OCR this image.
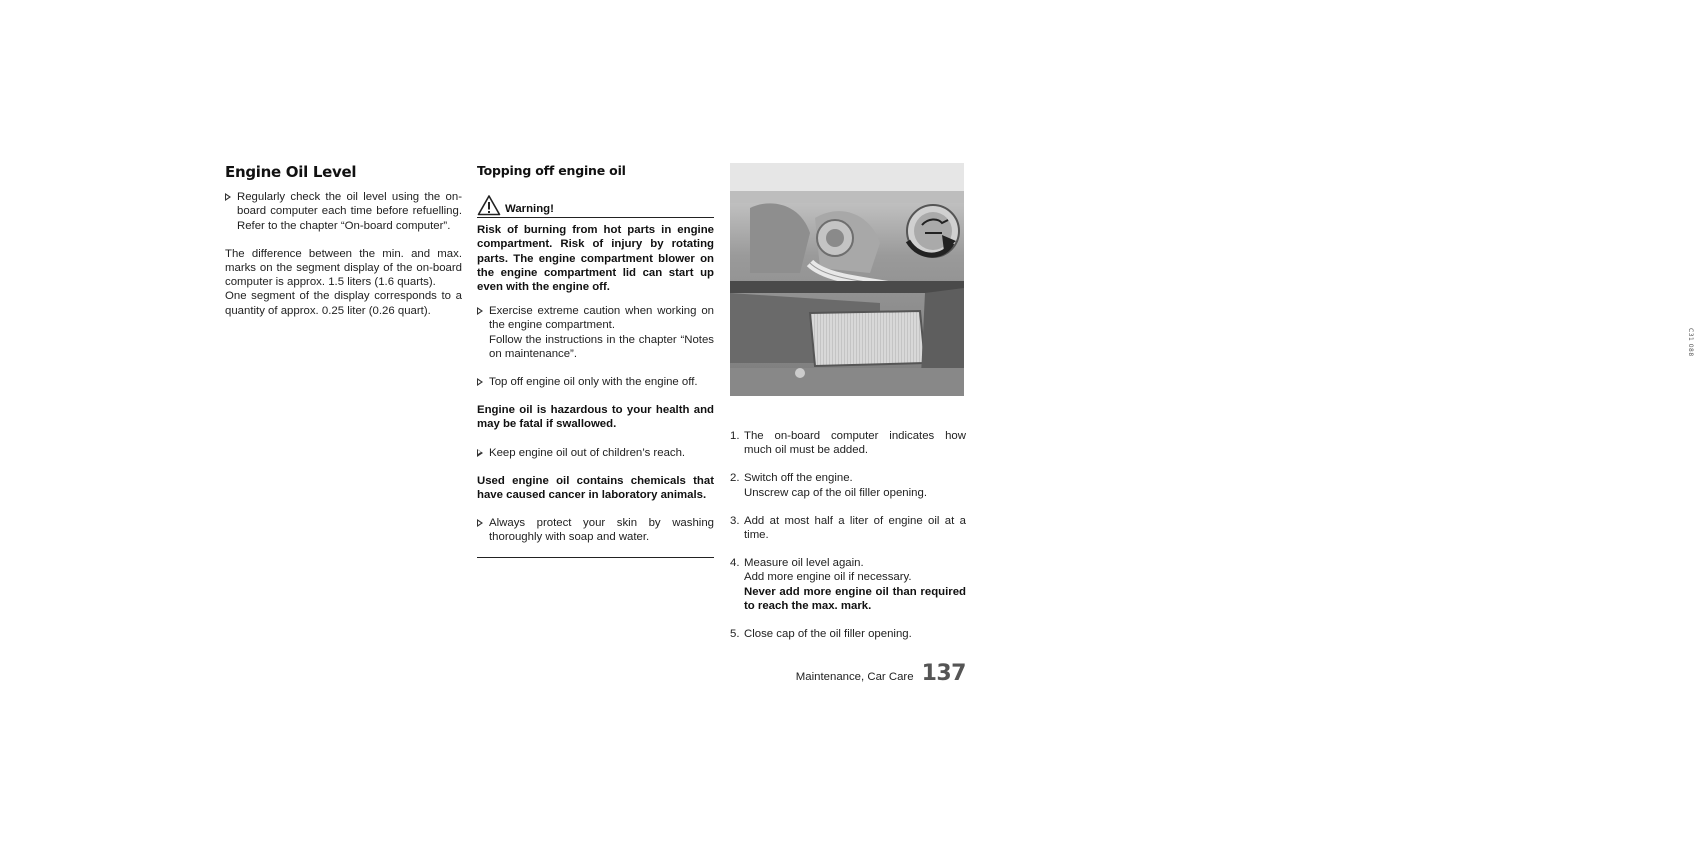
Engine Oil Level

Regularly check the oil level using the on-board computer each time before refuelling. Refer to the chapter “On-board computer”.

The difference between the min. and max. marks on the segment display of the on-board computer is approx. 1.5 liters (1.6 quarts).

One segment of the display corresponds to a quantity of approx. 0.25 liter (0.26 quart).

Topping off engine oil
Warning!
Risk of burning from hot parts in engine compartment. Risk of injury by rotating parts. The engine compartment blower on the engine compartment lid can start up even with the engine off.

Exercise extreme caution when working on the engine compartment.

Follow the instructions in the chapter “Notes on maintenance”.

Top off engine oil only with the engine off.

Engine oil is hazardous to your health and may be fatal if swallowed.

Keep engine oil out of children’s reach.

Used engine oil contains chemicals that have caused cancer in laboratory animals.

Always protect your skin by washing thoroughly with soap and water.

C31 088
1. The on-board computer indicates how much oil must be added.

2. Switch off the engine.

Unscrew cap of the oil filler opening.

3. Add at most half a liter of engine oil at a time.

4. Measure oil level again.

Add more engine oil if necessary.

Never add more engine oil than required to reach the max. mark.

5. Close cap of the oil filler opening.

Maintenance, Car Care 137
